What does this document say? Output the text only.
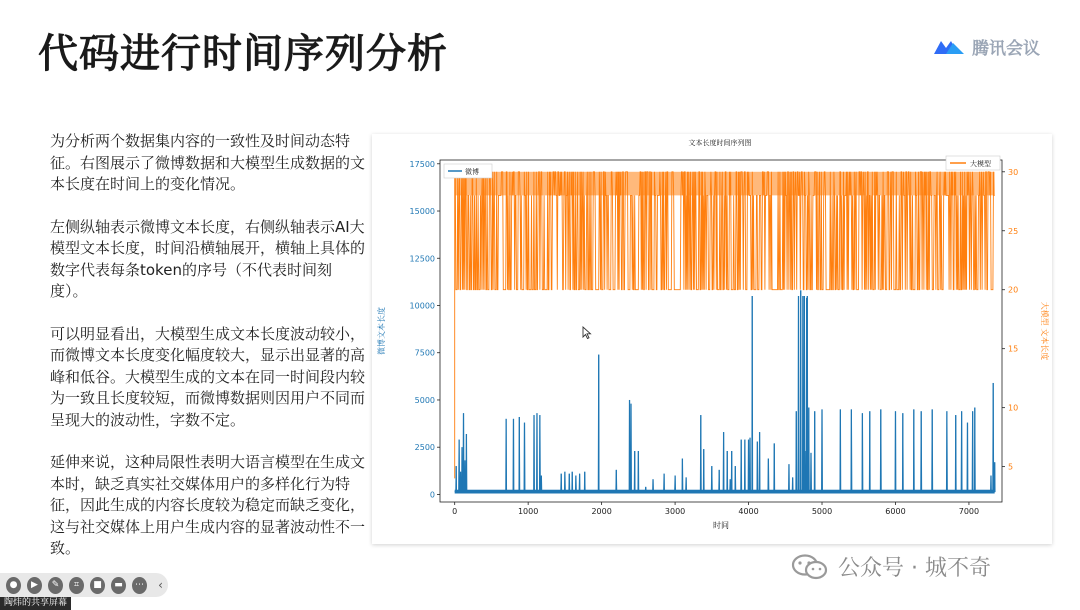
代码进行时间序列分析	腾讯会议

为分析两个数据集内容的一致性及时间动态特征。右图展示了微博数据和大模型生成数据的文本长度在时间上的变化情况。

左侧纵轴表示微博文本长度，右侧纵轴表示AI大模型文本长度，时间沿横轴展开，横轴上具体的数字代表每条token的序号（不代表时间刻度）。

可以明显看出，大模型生成文本长度波动较小，而微博文本长度变化幅度较大，显示出显著的高峰和低谷。大模型生成的文本在同一时间段内较为一致且长度较短，而微博数据则因用户不同而呈现大的波动性，字数不定。

延伸来说，这种局限性表明大语言模型在生成文本时，缺乏真实社交媒体用户的多样化行为特征，因此生成的内容长度较为稳定而缺乏变化，这与社交媒体上用户生成内容的显著波动性不一致。

文本长度时间序列图
0	1000	2000	3000	4000	5000	6000	7000
0
2500
5000
7500
10000
12500
15000
17500
5
10
15
20
25
30
时间
微博文本长度	大模型 文本长度
微博
大模型
公众号 · 城不奇
●	▶	✎	⌗	■	▬	⋯	‹
陶炜的共享屏幕
